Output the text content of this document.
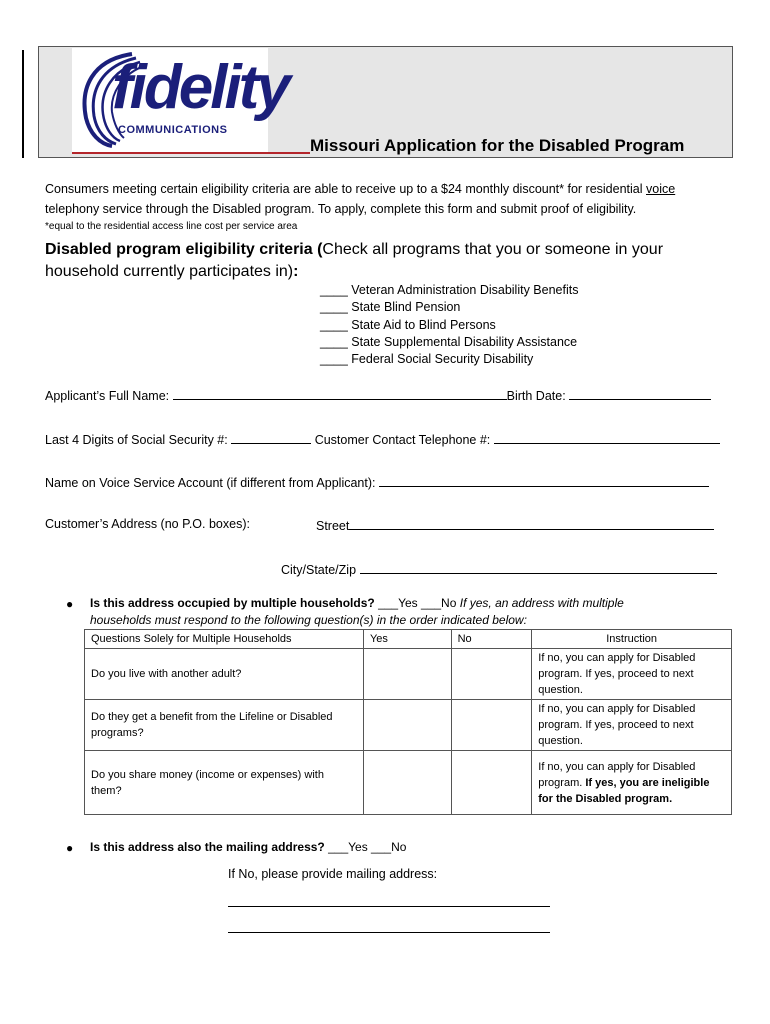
fidelity
COMMUNICATIONS
Missouri Application for the Disabled Program
Consumers meeting certain eligibility criteria are able to receive up to a $24 monthly discount* for residential voice
telephony service through the Disabled program. To apply, complete this form and submit proof of eligibility.
*equal to the residential access line cost per service area
Disabled program eligibility criteria (Check all programs that you or someone in your household currently participates in):
____ Veteran Administration Disability Benefits
____ State Blind Pension
____ State Aid to Blind Persons
____ State Supplemental Disability Assistance
____ Federal Social Security Disability
Applicant’s Full Name:	Birth Date:
Last 4 Digits of Social Security #:	Customer Contact Telephone #:
Name on Voice Service Account (if different from Applicant):
Customer’s Address (no P.O. boxes):	Street
City/State/Zip
● Is this address occupied by multiple households? ___Yes ___No If yes, an address with multiple
households must respond to the following question(s) in the order indicated below:
Questions Solely for Multiple Households	Yes	No	Instruction
Do you live with another adult?			If no, you can apply for Disabled program. If yes, proceed to next question.
Do they get a benefit from the Lifeline or Disabled programs?			If no, you can apply for Disabled program. If yes, proceed to next question.
Do you share money (income or expenses) with them?			If no, you can apply for Disabled program. If yes, you are ineligible for the Disabled program.
● Is this address also the mailing address? ___Yes ___No
If No, please provide mailing address:
